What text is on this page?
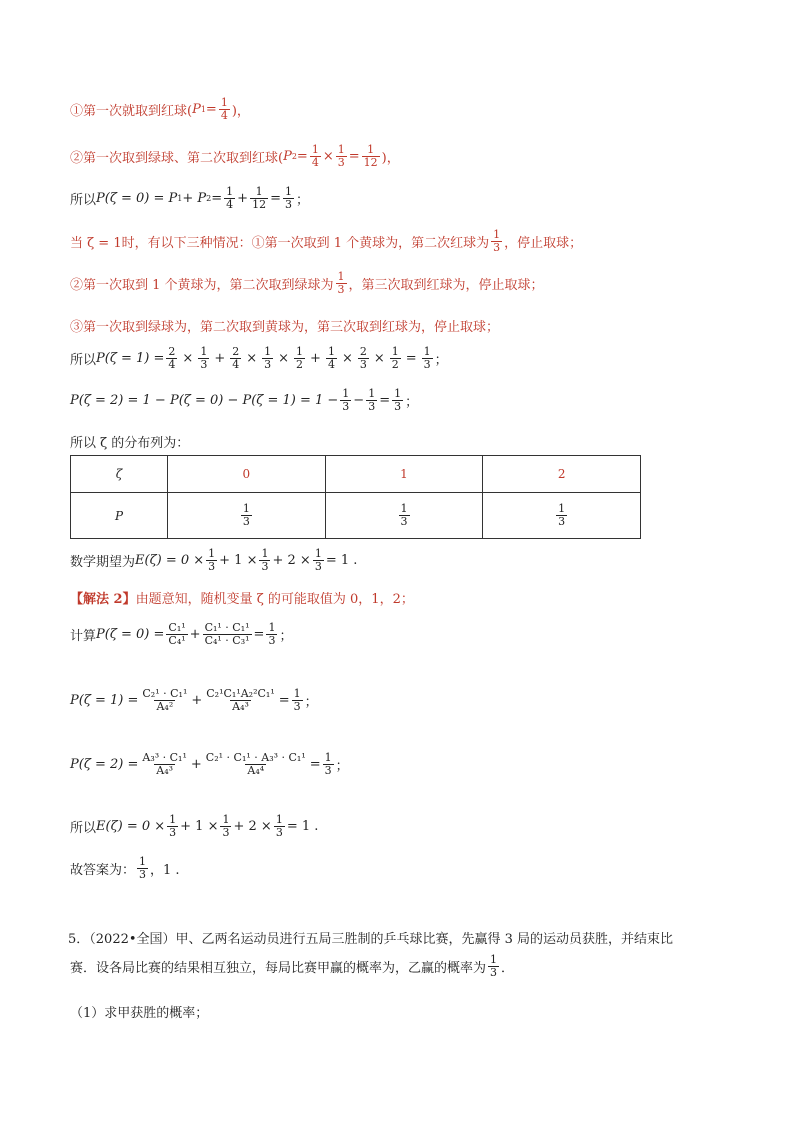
①第一次就取到红球( P $1 = \frac{1}{4}$ )，
②第一次取到绿球、第二次取到红球( P $2 = \frac{1}{4} \times \frac{1}{3} = \frac{1}{12}$ )，
所以 P(ζ = 0) = P 1 + P $2 = \frac{1}{4} + \frac{1}{12} = \frac{1}{3}$ ；
当 ζ = 1时，有以下三种情况：①第一次取到 1 个黄球为，第二次红球为 $\frac{1}{3}$ ，停止取球；
②第一次取到 1 个黄球为，第二次取到绿球为 $\frac{1}{3}$ ，第三次取到红球为，停止取球；
③第一次取到绿球为，第二次取到黄球为，第三次取到红球为，停止取球；
所以 $P(\zeta = 1) = \frac{2}{4} \times \frac{1}{3} + \frac{2}{4} \times \frac{1}{3} \times \frac{1}{2} + \frac{1}{4} \times \frac{2}{3} \times \frac{1}{2} = \frac{1}{3}$ ；
$P(\zeta = 2) = 1 - P(\zeta = 0) - P(\zeta = 1) = 1 - \frac{1}{3} - \frac{1}{3} = \frac{1}{3}$ ；
所以 ζ 的分布列为：
ζ	0	1	2
P	$\frac{1}{3}$	$\frac{1}{3}$	$\frac{1}{3}$
数学期望为 $E(\zeta) = 0 \times \frac{1}{3} + 1 \times \frac{1}{3} + 2 \times \frac{1}{3} = 1$ .
【解法 2】 由题意知，随机变量 ζ 的可能取值为 0，1，2；
计算 $P(\zeta = 0) = \frac{\text{C₁¹}}{\text{C₄¹}} + \frac{\text{C₁¹ · C₁¹}}{\text{C₄¹ · C₃¹}} = \frac{1}{3}$ ；
$P(\zeta = 1) = \frac{\text{C₂¹ · C₁¹}}{\text{A₄²}} + \frac{\text{C₂¹C₁¹A₂²C₁¹}}{\text{A₄³}} = \frac{1}{3}$ ；
$P(\zeta = 2) = \frac{\text{A₃³ · C₁¹}}{\text{A₄³}} + \frac{\text{C₂¹ · C₁¹ · A₃³ · C₁¹}}{\text{A₄⁴}} = \frac{1}{3}$ ；
所以 $E(\zeta) = 0 \times \frac{1}{3} + 1 \times \frac{1}{3} + 2 \times \frac{1}{3} = 1$ .
故答案为： $\frac{1}{3}$ ，1 .
5．（2022•全国）甲、乙两名运动员进行五局三胜制的乒乓球比赛，先赢得 3 局的运动员获胜，并结束比
赛．设各局比赛的结果相互独立，每局比赛甲赢的概率为，乙赢的概率为 $\frac{1}{3}$ ．
（1）求甲获胜的概率；
